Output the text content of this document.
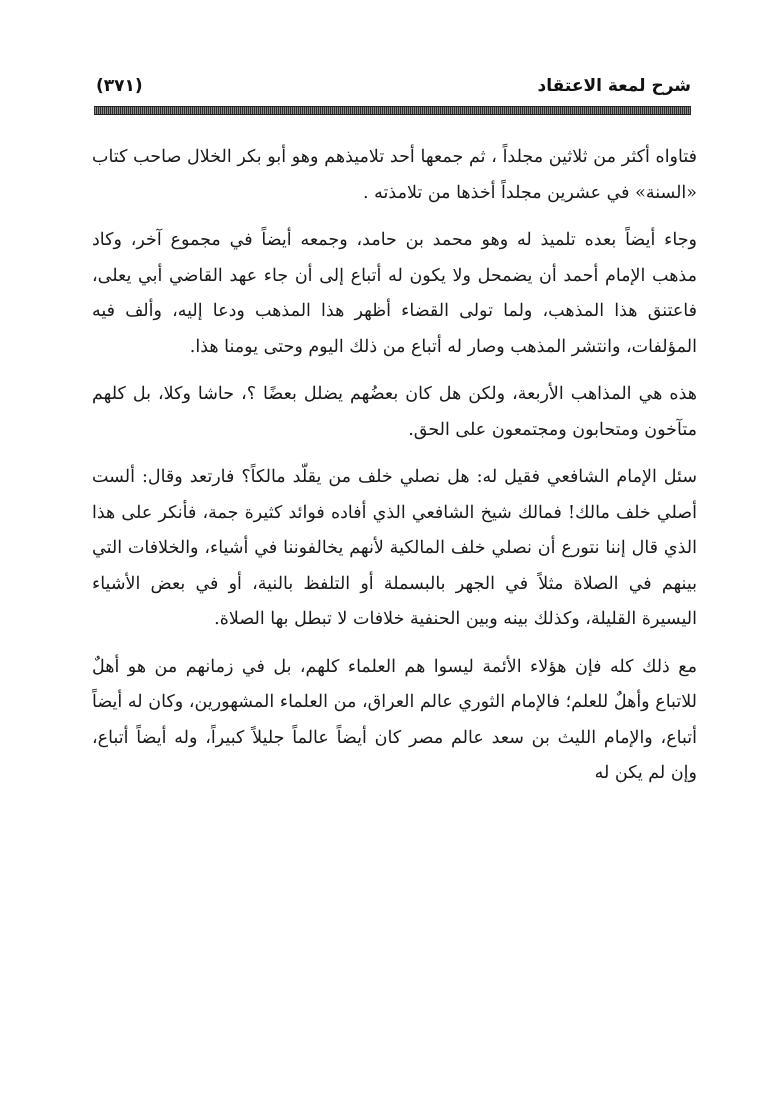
شرح لمعة الاعتقاد
(٣٧١)

فتاواه أكثر من ثلاثين مجلداً ، ثم جمعها أحد تلاميذهم وهو أبو بكر الخلال صاحب كتاب «السنة» في عشرين مجلداً أخذها من تلامذته .

وجاء أيضاً بعده تلميذ له وهو محمد بن حامد، وجمعه أيضاً في مجموع آخر، وكاد مذهب الإمام أحمد أن يضمحل ولا يكون له أتباع إلى أن جاء عهد القاضي أبي يعلى، فاعتنق هذا المذهب، ولما تولى القضاء أظهر هذا المذهب ودعا إليه، وألف فيه المؤلفات، وانتشر المذهب وصار له أتباع من ذلك اليوم وحتى يومنا هذا.

هذه هي المذاهب الأربعة، ولكن هل كان بعضُهم يضلل بعضًا ؟، حاشا وكلا، بل كلهم متآخون ومتحابون ومجتمعون على الحق.

سئل الإمام الشافعي فقيل له: هل نصلي خلف من يقلّد مالكاً؟ فارتعد وقال: ألست أصلي خلف مالك! فمالك شيخ الشافعي الذي أفاده فوائد كثيرة جمة، فأنكر على هذا الذي قال إننا نتورع أن نصلي خلف المالكية لأنهم يخالفوننا في أشياء، والخلافات التي بينهم في الصلاة مثلاً في الجهر بالبسملة أو التلفظ بالنية، أو في بعض الأشياء اليسيرة القليلة، وكذلك بينه وبين الحنفية خلافات لا تبطل بها الصلاة.

مع ذلك كله فإن هؤلاء الأئمة ليسوا هم العلماء كلهم، بل في زمانهم من هو أهلٌ للاتباع وأهلٌ للعلم؛ فالإمام الثوري عالم العراق، من العلماء المشهورين، وكان له أيضاً أتباع، والإمام الليث بن سعد عالم مصر كان أيضاً عالماً جليلاً كبيراً، وله أيضاً أتباع، وإن لم يكن له
